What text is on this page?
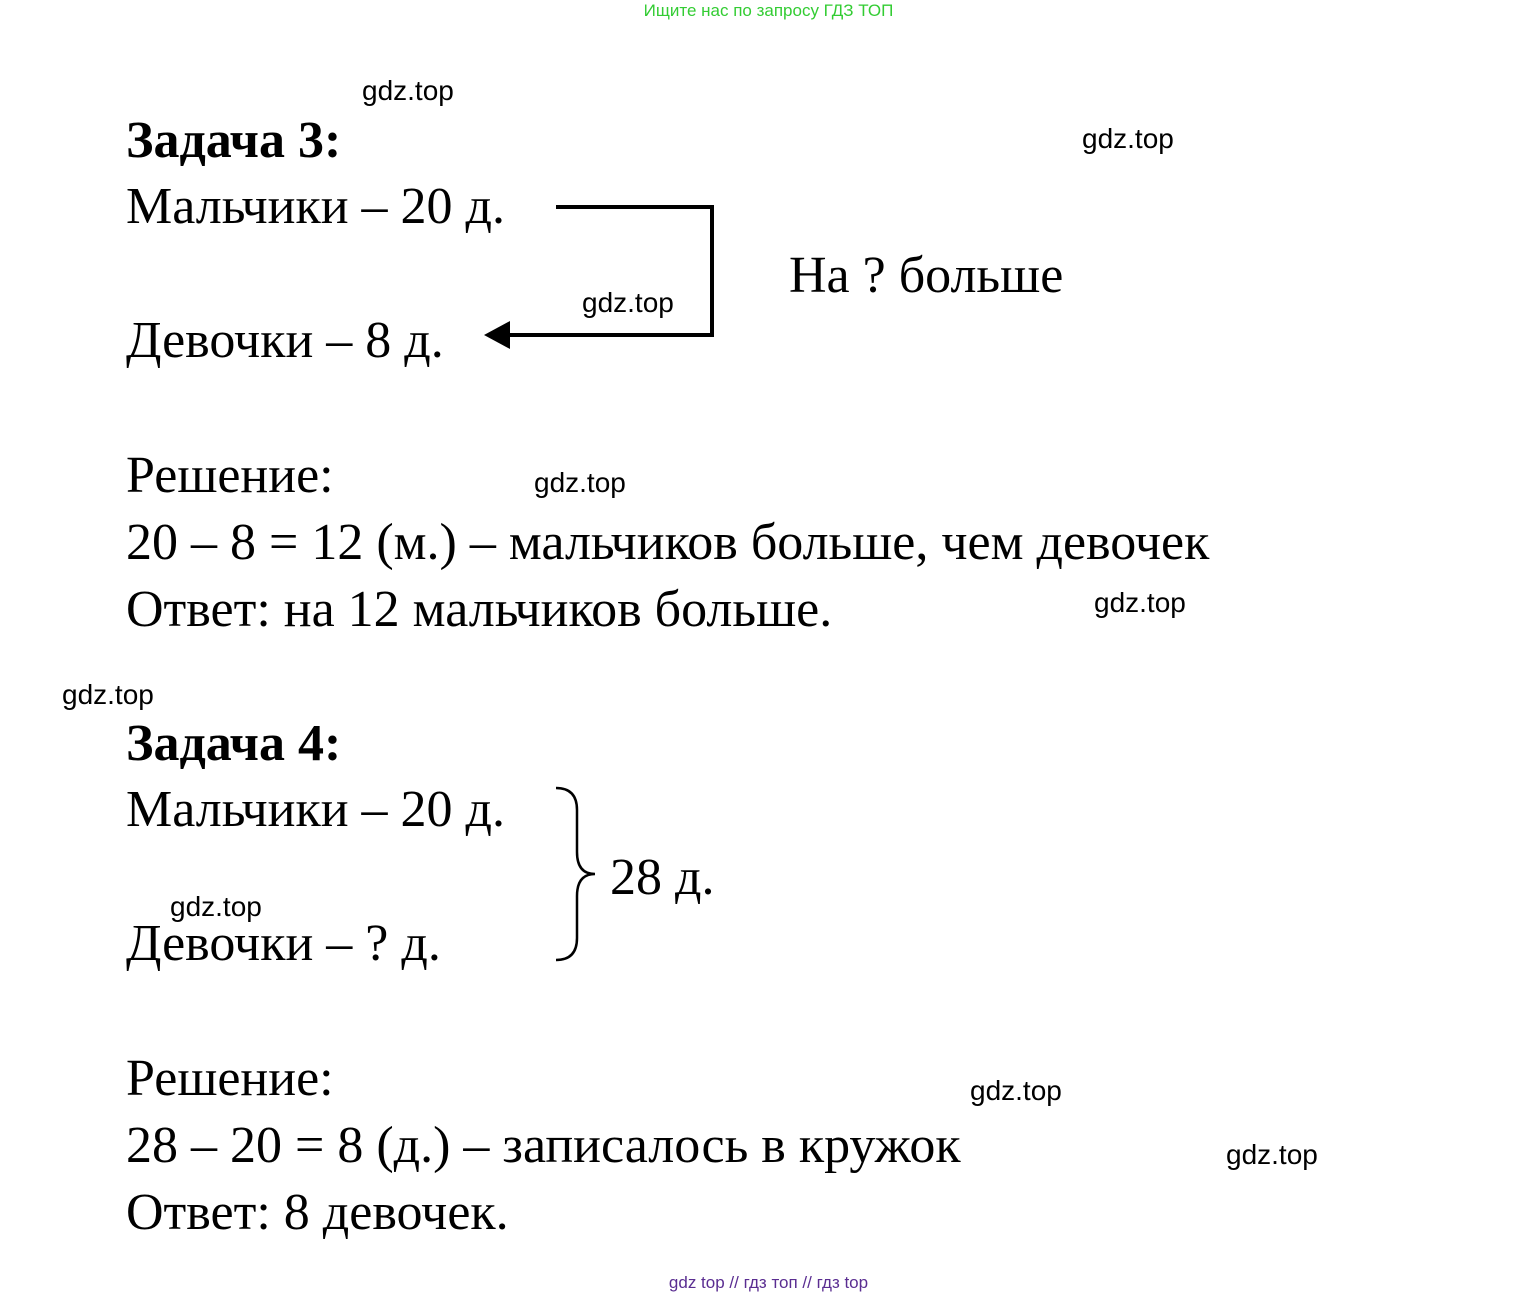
Ищите нас по запросу ГДЗ ТОП
gdz.top
gdz.top
gdz.top
gdz.top
gdz.top
gdz.top
gdz.top
gdz.top
gdz.top
Задача 3:
Мальчики – 20 д.
На ? больше
Девочки – 8 д.
Решение:
20 – 8 = 12 (м.) – мальчиков больше, чем девочек
Ответ: на 12 мальчиков больше.
Задача 4:
Мальчики – 20 д.
28 д.
Девочки – ? д.
Решение:
28 – 20 = 8 (д.) – записалось в кружок
Ответ: 8 девочек.
gdz top // гдз топ // гдз top
